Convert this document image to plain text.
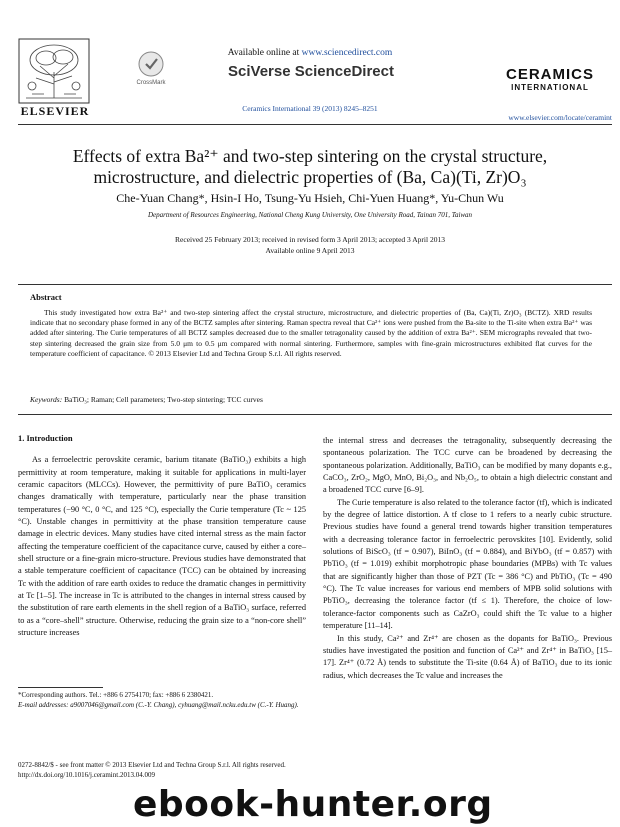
ELSEVIER
CrossMark
Available online at www.sciencedirect.com
SciVerse ScienceDirect
Ceramics International 39 (2013) 8245–8251
CERAMICS
INTERNATIONAL
www.elsevier.com/locate/ceramint
Effects of extra Ba²⁺ and two-step sintering on the crystal structure,
microstructure, and dielectric properties of (Ba, Ca)(Ti, Zr)O₃
Che-Yuan Chang*, Hsin-I Ho, Tsung-Yu Hsieh, Chi-Yuen Huang*, Yu-Chun Wu
Department of Resources Engineering, National Cheng Kung University, One University Road, Tainan 701, Taiwan
Received 25 February 2013; received in revised form 3 April 2013; accepted 3 April 2013
Available online 9 April 2013
Abstract
This study investigated how extra Ba²⁺ and two-step sintering affect the crystal structure, microstructure, and dielectric properties of (Ba, Ca)(Ti, Zr)O₃ (BCTZ). XRD results indicate that no secondary phase formed in any of the BCTZ samples after sintering. Raman spectra reveal that Ca²⁺ ions were pushed from the Ba-site to the Ti-site when extra Ba²⁺ was added after sintering. The Curie temperatures of all BCTZ samples decreased due to the smaller tetragonality caused by the addition of extra Ba²⁺. SEM micrographs revealed that two-step sintering decreased the grain size from 5.0 μm to 0.5 μm compared with normal sintering. Furthermore, samples with fine-grain microstructures exhibited flat curves for the temperature coefficient of capacitance. © 2013 Elsevier Ltd and Techna Group S.r.l. All rights reserved.
Keywords: BaTiO₃; Raman; Cell parameters; Two-step sintering; TCC curves
1. Introduction

As a ferroelectric perovskite ceramic, barium titanate (BaTiO₃) exhibits a high permittivity at room temperature, making it suitable for applications in multi-layer ceramic capacitors (MLCCs). However, the permittivity of pure BaTiO₃ ceramics changes dramatically with temperature, particularly near the phase transition temperatures (−90 °C, 0 °C, and 125 °C), especially the Curie temperature (Tc ~ 125 °C). Unstable changes in permittivity at the phase transition temperature cause damage in electric devices. Many studies have cited internal stress as the main factor affecting the temperature coefficient of the capacitance curve, caused by either a core–shell structure or a fine-grain micro-structure. Previous studies have demonstrated that a stable temperature coefficient of capacitance (TCC) can be obtained by increasing Tc with the addition of rare earth oxides to reduce the dramatic changes in permittivity at Tc [1–5]. The increase in Tc is attributed to the changes in internal stress caused by the substitution of rare earth elements in the shell region of a BaTiO₃ surface, referred to as a “core–shell” structure. Otherwise, reducing the grain size to a “non-core shell” structure increases

the internal stress and decreases the tetragonality, subsequently decreasing the spontaneous polarization. The TCC curve can be broadened by decreasing the spontaneous polarization. Additionally, BaTiO₃ can be modified by many dopants e.g., CaCO₃, ZrO₂, MgO, MnO, Bi₂O₃, and Nb₂O₅, to obtain a high dielectric constant and a broadened TCC curve [6–9].

The Curie temperature is also related to the tolerance factor (tf), which is indicated by the degree of lattice distortion. A tf close to 1 refers to a nearly cubic structure. Previous studies have found a general trend towards higher transition temperatures with a decreasing tolerance factor in ferroelectric perovskites [10]. Evidently, solid solutions of BiScO₃ (tf = 0.907), BiInO₃ (tf = 0.884), and BiYbO₃ (tf = 0.857) with PbTiO₃ (tf = 1.019) exhibit morphotropic phase boundaries (MPBs) with Tc values that are significantly higher than those of PZT (Tc = 386 °C) and PbTiO₃ (Tc = 490 °C). The Tc value increases for various end members of MPB solid solutions with PbTiO₃, decreasing the tolerance factor (tf ≤ 1). Therefore, the choice of low-tolerance-factor components such as CaZrO₃ could shift the Tc value to a higher temperature [11–14].

In this study, Ca²⁺ and Zr⁴⁺ are chosen as the dopants for BaTiO₃. Previous studies have investigated the position and function of Ca²⁺ and Zr⁴⁺ in BaTiO₃ [15–17]. Zr⁴⁺ (0.72 Å) tends to substitute the Ti-site (0.64 Å) of BaTiO₃ due to its ionic radius, which decreases the Tc value and increases the

*Corresponding authors. Tel.: +886 6 2754170; fax: +886 6 2380421.
E-mail addresses: a9007046@gmail.com (C.-Y. Chang), cyhuang@mail.ncku.edu.tw (C.-Y. Huang).
0272-8842/$ - see front matter © 2013 Elsevier Ltd and Techna Group S.r.l. All rights reserved.
http://dx.doi.org/10.1016/j.ceramint.2013.04.009
ebook-hunter.org
